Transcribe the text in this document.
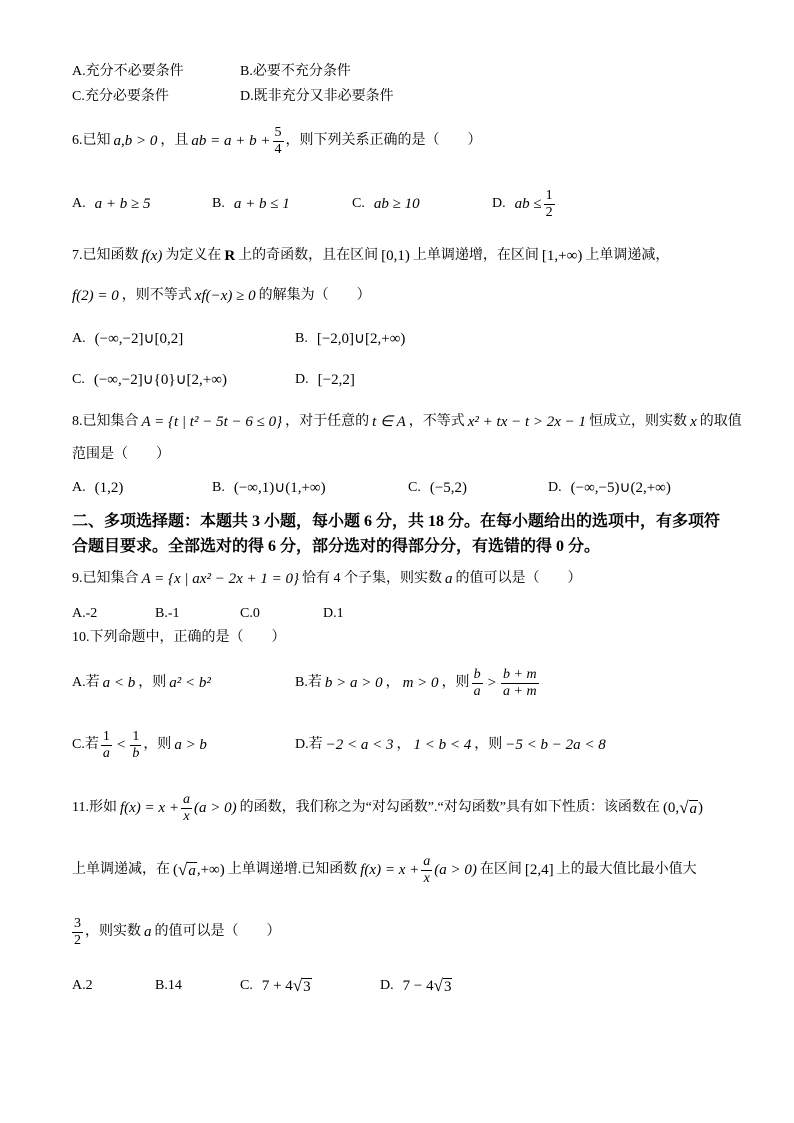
A.充分不必要条件	B.必要不充分条件
C.充分必要条件	D.既非充分又非必要条件
6.已知 a,b > 0 ，且 ab = $a + b + \frac{5}{4}$ ，则下列关系正确的是（　　）
A. a + b ≥ 5	B. a + b ≤ 1	C. ab ≥ 10	D. ab ≤ $\frac{1}{2}$
7.已知函数 f(x) 为定义在 R 上的奇函数，且在区间 [0,1) 上单调递增，在区间 [1,+∞) 上单调递减，
f(2) = 0 ，则不等式 xf(−x) ≥ 0 的解集为（　　）
A. (−∞,−2]∪[0,2]	B. [−2,0]∪[2,+∞)
C. (−∞,−2]∪{0}∪[2,+∞)	D. [−2,2]
8.已知集合 A = {t | t² − 5t − 6 ≤ 0} ，对于任意的 t ∈ A ，不等式 x² + tx − t > 2x − 1 恒成立，则实数 x 的取值
范围是（　　）
A. (1,2)	B. (−∞,1)∪(1,+∞)	C. (−5,2)	D. (−∞,−5)∪(2,+∞)
二、多项选择题：本题共 3 小题，每小题 6 分，共 18 分。在每小题给出的选项中，有多项符
合题目要求。全部选对的得 6 分，部分选对的得部分分，有选错的得 0 分。
9.已知集合 A = {x | ax² − 2x + 1 = 0} 恰有 4 个子集，则实数 a 的值可以是（　　）
A.-2	B.-1	C.0	D.1
10.下列命题中，正确的是（　　）
A.若 a < b ，则 a² < b²	B.若 b > a > 0 ， m > 0 ，则 $\frac{b}{a} > \frac{b + m}{a + m}$
C.若 $\frac{1}{a} < \frac{1}{b}$ ，则 a > b	D.若 −2 < a < 3 ， 1 < b < 4 ，则 −5 < b − 2a < 8
11.形如 $f(x) = x + \frac{a}{x} (a > 0)$ 的函数，我们称之为“对勾函数”.“对勾函数”具有如下性质：该函数在 (0, √ a )
上单调递减，在 ( √ a ,+∞) 上单调递增.已知函数 $f(x) = x + \frac{a}{x} (a > 0)$ 在区间 [2,4] 上的最大值比最小值大
$\frac{3}{2}$ ，则实数 a 的值可以是（　　）
A.2	B.14	C. 7 + 4 √ 3	D. 7 − 4 √ 3
